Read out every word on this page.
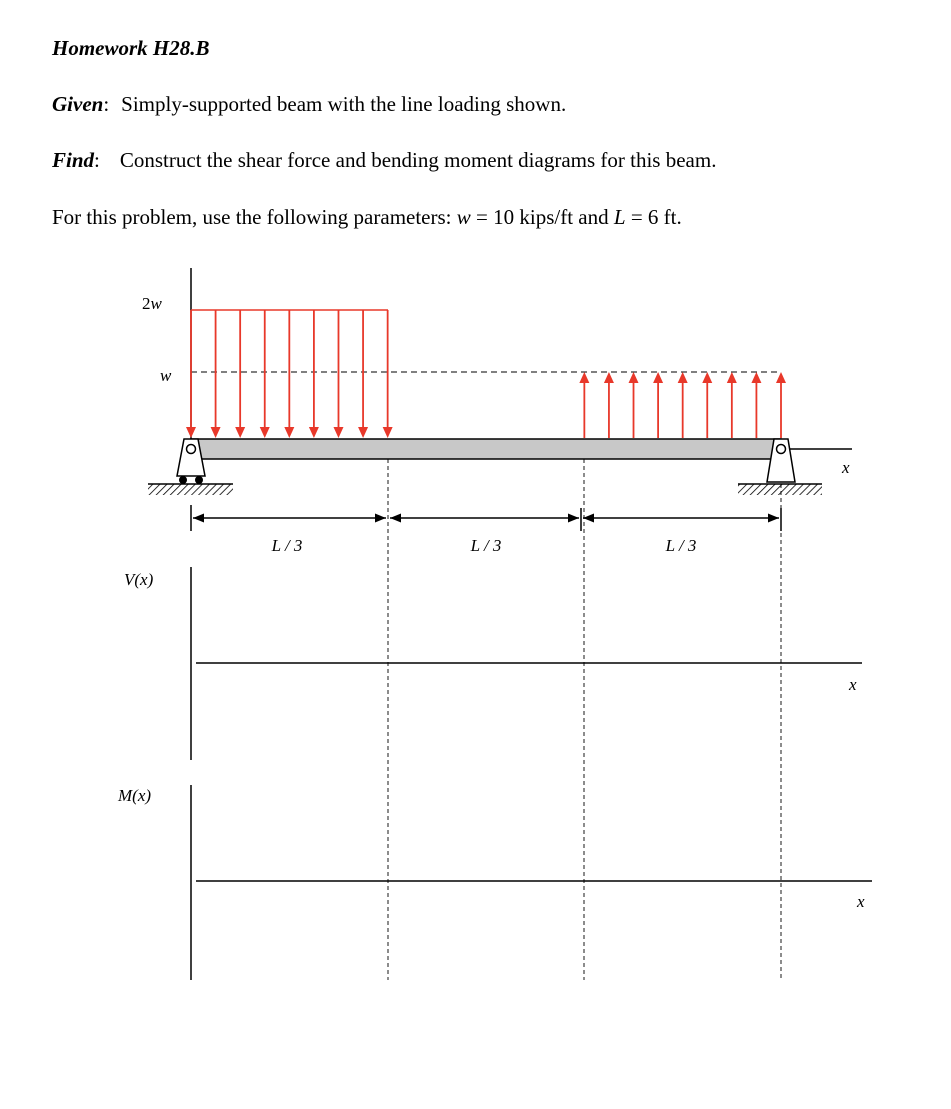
Homework H28.B
Given: Simply-supported beam with the line loading shown.
Find: Construct the shear force and bending moment diagrams for this beam.
For this problem, use the following parameters: w = 10 kips/ft and L = 6 ft.
2w
w
x
L / 3	L / 3	L / 3
V(x)
x
M(x)
x
